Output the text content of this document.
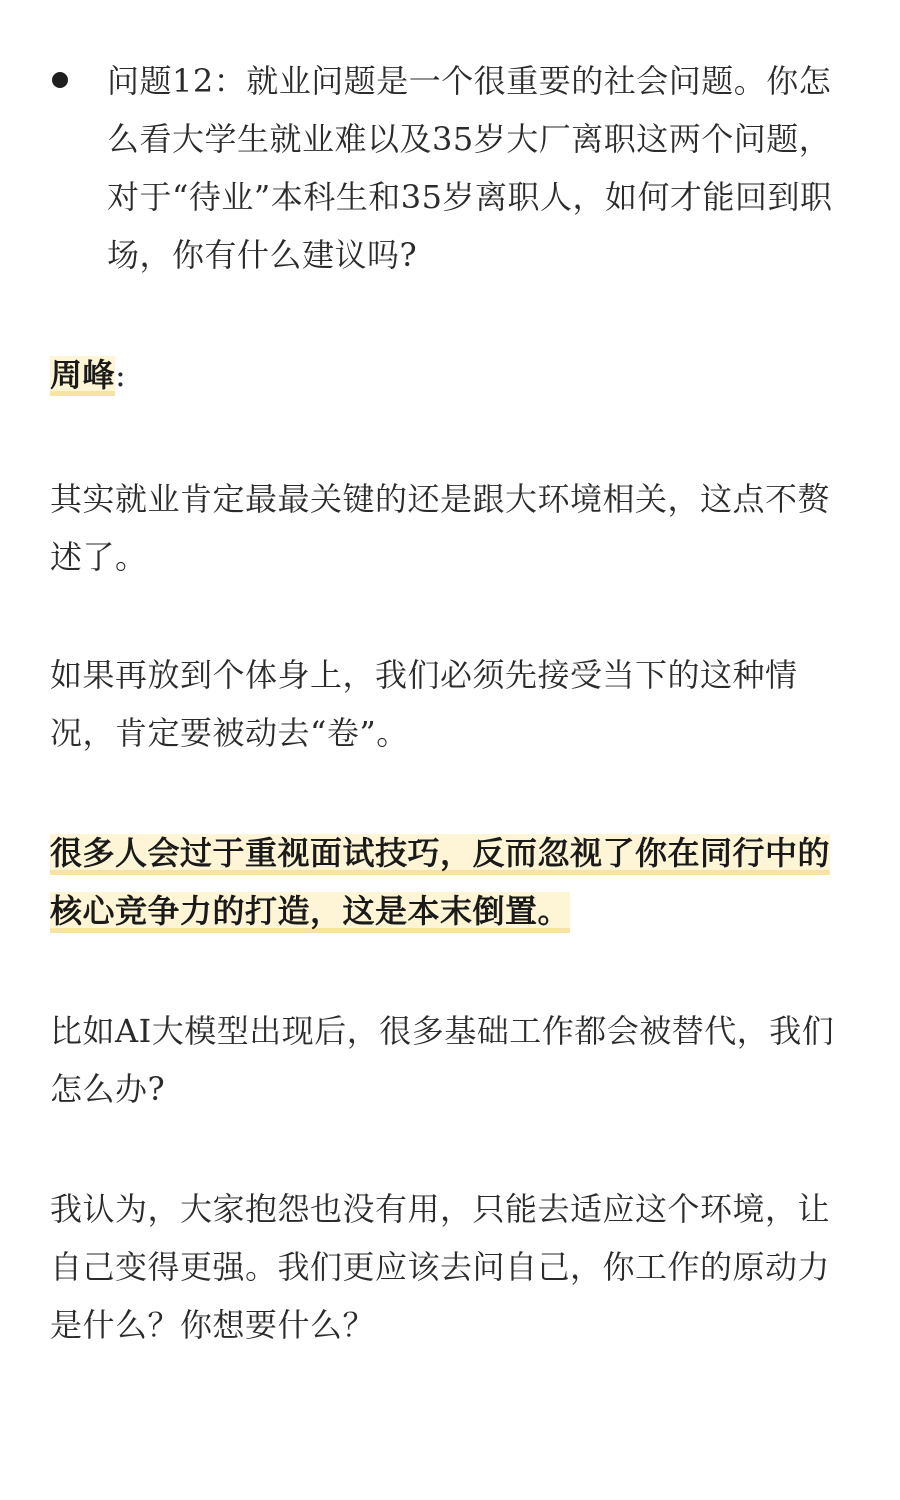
问题12：就业问题是一个很重要的社会问题。你怎么看大学生就业难以及35岁大厂离职这两个问题，对于“待业”本科生和35岁离职人，如何才能回到职场，你有什么建议吗?
周峰:

其实就业肯定最最关键的还是跟大环境相关，这点不赘述了。

如果再放到个体身上，我们必须先接受当下的这种情况，肯定要被动去“卷”。

很多人会过于重视面试技巧，反而忽视了你在同行中的核心竞争力的打造，这是本末倒置。

比如AI大模型出现后，很多基础工作都会被替代，我们怎么办?

我认为，大家抱怨也没有用，只能去适应这个环境，让自己变得更强。我们更应该去问自己，你工作的原动力是什么？你想要什么？
